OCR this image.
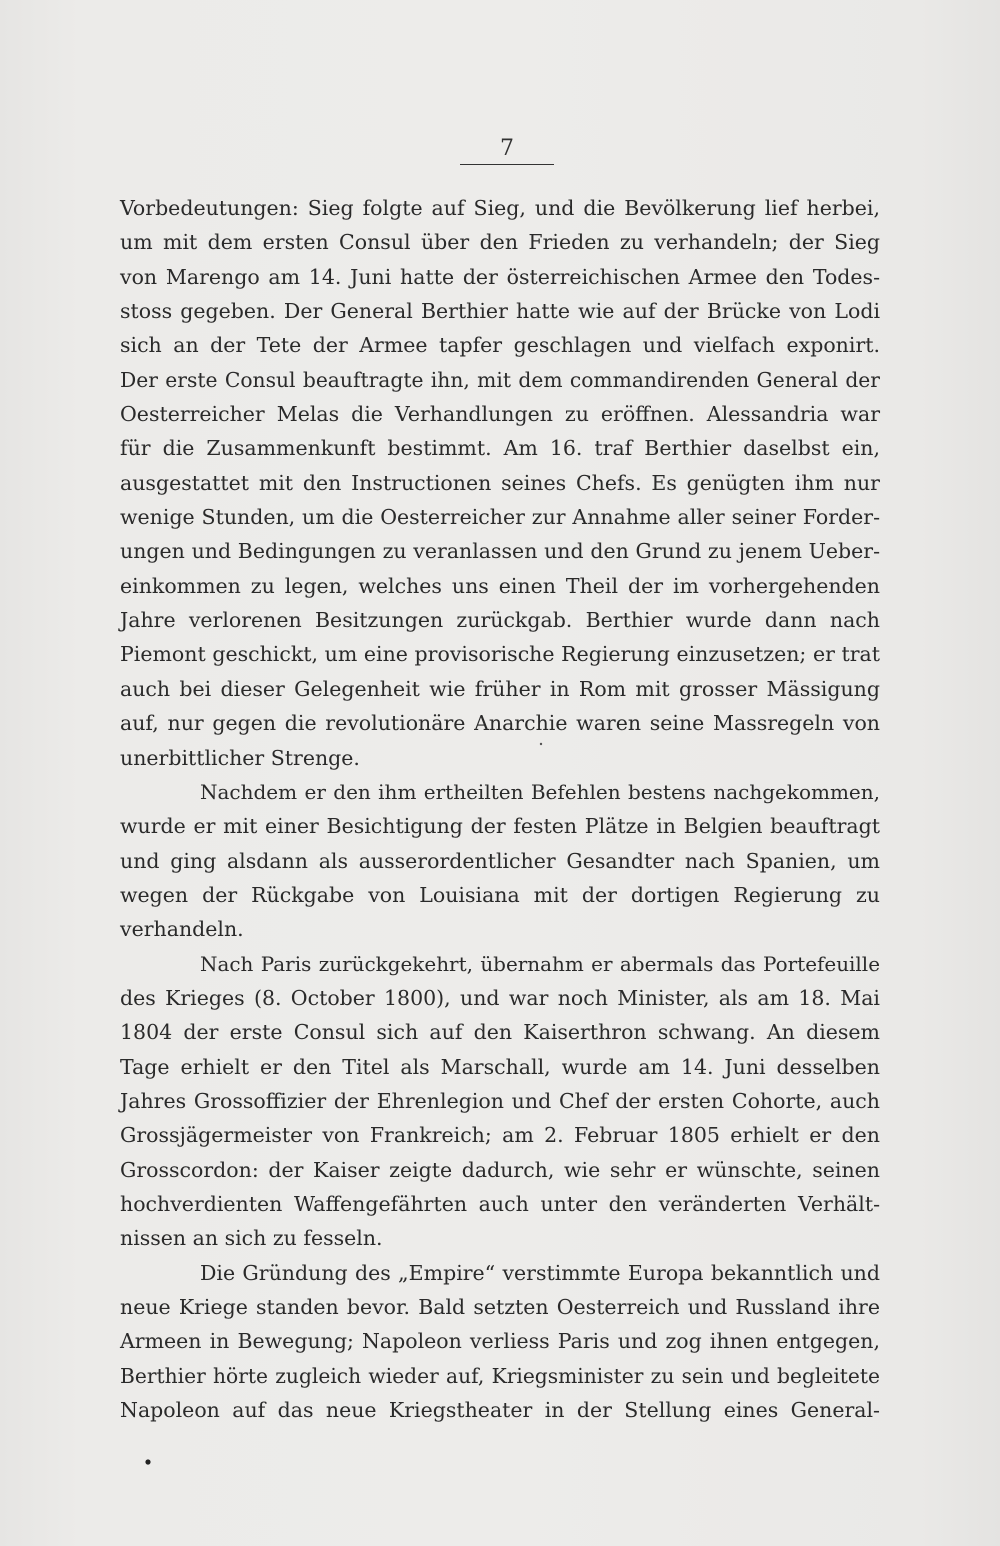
7
Vorbedeutungen: Sieg folgte auf Sieg, und die Bevölkerung lief herbei,
um mit dem ersten Consul über den Frieden zu verhandeln; der Sieg
von Marengo am 14. Juni hatte der österreichischen Armee den Todes-
stoss gegeben. Der General Berthier hatte wie auf der Brücke von Lodi
sich an der Tete der Armee tapfer geschlagen und vielfach exponirt.
Der erste Consul beauftragte ihn, mit dem commandirenden General der
Oesterreicher Melas die Verhandlungen zu eröffnen. Alessandria war
für die Zusammenkunft bestimmt. Am 16. traf Berthier daselbst ein,
ausgestattet mit den Instructionen seines Chefs. Es genügten ihm nur
wenige Stunden, um die Oesterreicher zur Annahme aller seiner Forder-
ungen und Bedingungen zu veranlassen und den Grund zu jenem Ueber-
einkommen zu legen, welches uns einen Theil der im vorhergehenden
Jahre verlorenen Besitzungen zurückgab. Berthier wurde dann nach
Piemont geschickt, um eine provisorische Regierung einzusetzen; er trat
auch bei dieser Gelegenheit wie früher in Rom mit grosser Mässigung
auf, nur gegen die revolutionäre Anarchie waren seine Massregeln von
unerbittlicher Strenge.
Nachdem er den ihm ertheilten Befehlen bestens nachgekommen,
wurde er mit einer Besichtigung der festen Plätze in Belgien beauftragt
und ging alsdann als ausserordentlicher Gesandter nach Spanien, um
wegen der Rückgabe von Louisiana mit der dortigen Regierung zu
verhandeln.
Nach Paris zurückgekehrt, übernahm er abermals das Portefeuille
des Krieges (8. October 1800), und war noch Minister, als am 18. Mai
1804 der erste Consul sich auf den Kaiserthron schwang. An diesem
Tage erhielt er den Titel als Marschall, wurde am 14. Juni desselben
Jahres Grossoffizier der Ehrenlegion und Chef der ersten Cohorte, auch
Grossjägermeister von Frankreich; am 2. Februar 1805 erhielt er den
Grosscordon: der Kaiser zeigte dadurch, wie sehr er wünschte, seinen
hochverdienten Waffengefährten auch unter den veränderten Verhält-
nissen an sich zu fesseln.
Die Gründung des „Empire“ verstimmte Europa bekanntlich und
neue Kriege standen bevor. Bald setzten Oesterreich und Russland ihre
Armeen in Bewegung; Napoleon verliess Paris und zog ihnen entgegen,
Berthier hörte zugleich wieder auf, Kriegsminister zu sein und begleitete
Napoleon auf das neue Kriegstheater in der Stellung eines General-
